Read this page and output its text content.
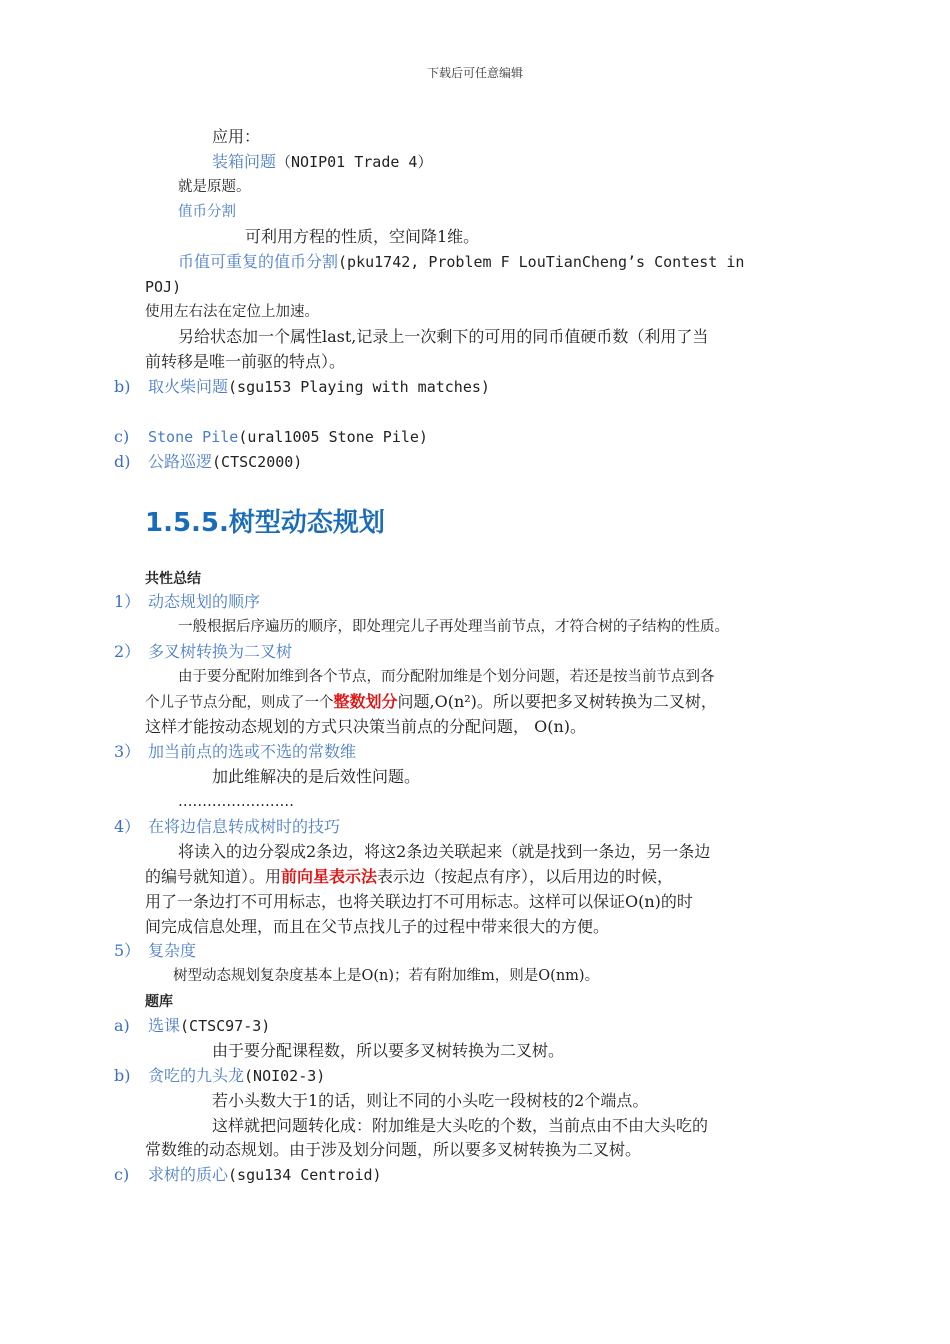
下载后可任意编辑
应用：
装箱问题（NOIP01 Trade 4）
就是原题。
值币分割
可利用方程的性质，空间降1维。
币值可重复的值币分割(pku1742, Problem F LouTianCheng’s Contest in
POJ)
使用左右法在定位上加速。
另给状态加一个属性last,记录上一次剩下的可用的同币值硬币数（利用了当
前转移是唯一前驱的特点）。
b) 取火柴问题(sgu153 Playing with matches)
c) Stone Pile(ural1005 Stone Pile)
d) 公路巡逻(CTSC2000)
1.5.5.树型动态规划
共性总结
1） 动态规划的顺序
一般根据后序遍历的顺序，即处理完儿子再处理当前节点，才符合树的子结构的性质。
2） 多叉树转换为二叉树
由于要分配附加维到各个节点，而分配附加维是个划分问题，若还是按当前节点到各
个儿子节点分配，则成了一个整数划分问题,O(n²)。所以要把多叉树转换为二叉树，
这样才能按动态规划的方式只决策当前点的分配问题， O(n)。
3） 加当前点的选或不选的常数维
加此维解决的是后效性问题。
……………………
4） 在将边信息转成树时的技巧
将读入的边分裂成2条边，将这2条边关联起来（就是找到一条边，另一条边
的编号就知道）。用前向星表示法表示边（按起点有序），以后用边的时候，
用了一条边打不可用标志，也将关联边打不可用标志。这样可以保证O(n)的时
间完成信息处理，而且在父节点找儿子的过程中带来很大的方便。
5） 复杂度
树型动态规划复杂度基本上是O(n)；若有附加维m，则是O(nm)。
题库
a) 选课(CTSC97-3)
由于要分配课程数，所以要多叉树转换为二叉树。
b) 贪吃的九头龙(NOI02-3)
若小头数大于1的话，则让不同的小头吃一段树枝的2个端点。
这样就把问题转化成：附加维是大头吃的个数，当前点由不由大头吃的
常数维的动态规划。由于涉及划分问题，所以要多叉树转换为二叉树。
c) 求树的质心(sgu134 Centroid)
